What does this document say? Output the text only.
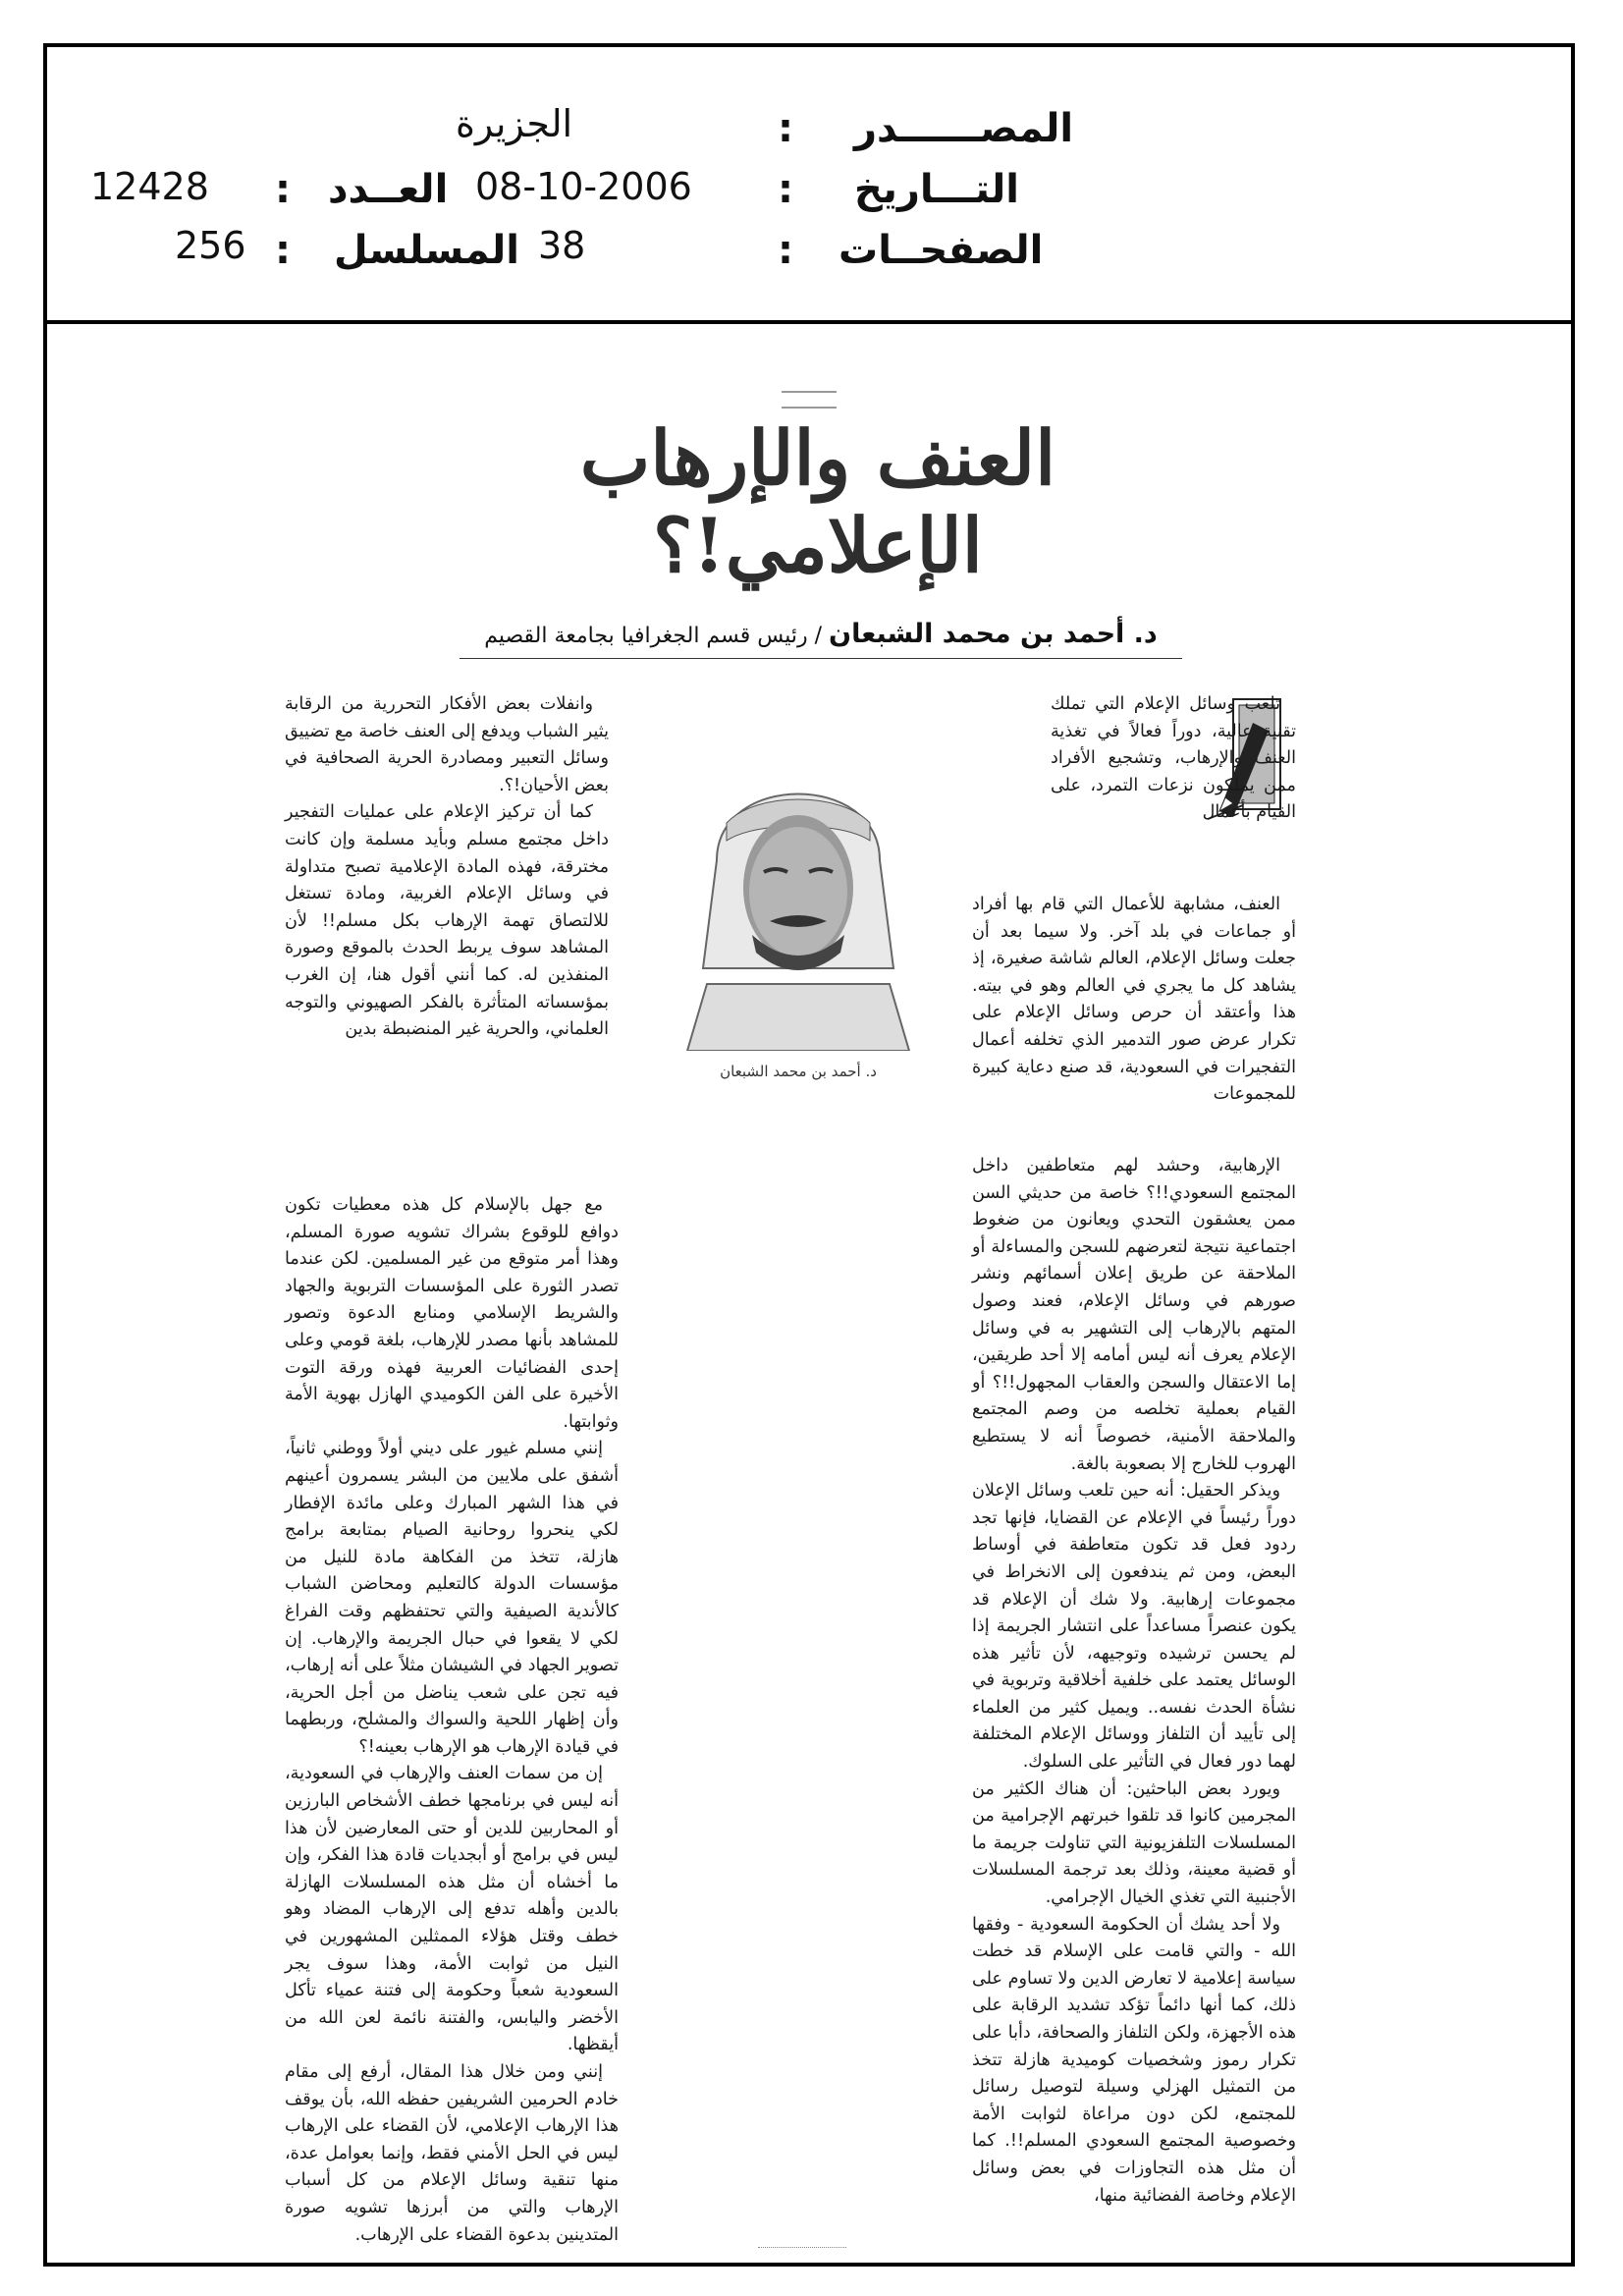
المصــــــدر
:
الجزيرة
التـــاريخ
:
08-10-2006
الصفحــات
:
38
العــدد
:
12428
المسلسل
:
256
العنف والإرهاب الإعلامي!؟
د. أحمد بن محمد الشبعان / رئيس قسم الجغرافيا بجامعة القصيم

تلعب وسائل الإعلام التي تملك تقنية عالية، دوراً فعالاً في تغذية العنف والإرهاب، وتشجيع الأفراد ممن يملكون نزعات التمرد، على القيام بأعمال

العنف، مشابهة للأعمال التي قام بها أفراد أو جماعات في بلد آخر. ولا سيما بعد أن جعلت وسائل الإعلام، العالم شاشة صغيرة، إذ يشاهد كل ما يجري في العالم وهو في بيته. هذا وأعتقد أن حرص وسائل الإعلام على تكرار عرض صور التدمير الذي تخلفه أعمال التفجيرات في السعودية، قد صنع دعاية كبيرة للمجموعات

الإرهابية، وحشد لهم متعاطفين داخل المجتمع السعودي!!؟ خاصة من حديثي السن ممن يعشقون التحدي ويعانون من ضغوط اجتماعية نتيجة لتعرضهم للسجن والمساءلة أو الملاحقة عن طريق إعلان أسمائهم ونشر صورهم في وسائل الإعلام، فعند وصول المتهم بالإرهاب إلى التشهير به في وسائل الإعلام يعرف أنه ليس أمامه إلا أحد طريقين، إما الاعتقال والسجن والعقاب المجهول!!؟ أو القيام بعملية تخلصه من وصم المجتمع والملاحقة الأمنية، خصوصاً أنه لا يستطيع الهروب للخارج إلا بصعوبة بالغة.

ويذكر الحقيل: أنه حين تلعب وسائل الإعلان دوراً رئيساً في الإعلام عن القضايا، فإنها تجد ردود فعل قد تكون متعاطفة في أوساط البعض، ومن ثم يندفعون إلى الانخراط في مجموعات إرهابية. ولا شك أن الإعلام قد يكون عنصراً مساعداً على انتشار الجريمة إذا لم يحسن ترشيده وتوجيهه، لأن تأثير هذه الوسائل يعتمد على خلفية أخلاقية وتربوية في نشأة الحدث نفسه.. ويميل كثير من العلماء إلى تأييد أن التلفاز ووسائل الإعلام المختلفة لهما دور فعال في التأثير على السلوك.

ويورد بعض الباحثين: أن هناك الكثير من المجرمين كانوا قد تلقوا خبرتهم الإجرامية من المسلسلات التلفزيونية التي تناولت جريمة ما أو قضية معينة، وذلك بعد ترجمة المسلسلات الأجنبية التي تغذي الخيال الإجرامي.

ولا أحد يشك أن الحكومة السعودية - وفقها الله - والتي قامت على الإسلام قد خطت سياسة إعلامية لا تعارض الدين ولا تساوم على ذلك، كما أنها دائماً تؤكد تشديد الرقابة على هذه الأجهزة، ولكن التلفاز والصحافة، دأبا على تكرار رموز وشخصيات كوميدية هازلة تتخذ من التمثيل الهزلي وسيلة لتوصيل رسائل للمجتمع، لكن دون مراعاة لثوابت الأمة وخصوصية المجتمع السعودي المسلم!!. كما أن مثل هذه التجاوزات في بعض وسائل الإعلام وخاصة الفضائية منها،

د. أحمد بن محمد الشبعان

وانفلات بعض الأفكار التحررية من الرقابة يثير الشباب ويدفع إلى العنف خاصة مع تضييق وسائل التعبير ومصادرة الحرية الصحافية في بعض الأحيان!؟.

كما أن تركيز الإعلام على عمليات التفجير داخل مجتمع مسلم وبأيد مسلمة وإن كانت مخترقة، فهذه المادة الإعلامية تصبح متداولة في وسائل الإعلام الغربية، ومادة تستغل للالتصاق تهمة الإرهاب بكل مسلم!! لأن المشاهد سوف يربط الحدث بالموقع وصورة المنفذين له. كما أنني أقول هنا، إن الغرب بمؤسساته المتأثرة بالفكر الصهيوني والتوجه العلماني، والحرية غير المنضبطة بدين

مع جهل بالإسلام كل هذه معطيات تكون دوافع للوقوع بشراك تشويه صورة المسلم، وهذا أمر متوقع من غير المسلمين. لكن عندما تصدر الثورة على المؤسسات التربوية والجهاد والشريط الإسلامي ومنابع الدعوة وتصور للمشاهد بأنها مصدر للإرهاب، بلغة قومي وعلى إحدى الفضائيات العربية فهذه ورقة التوت الأخيرة على الفن الكوميدي الهازل بهوية الأمة وثوابتها.

إنني مسلم غيور على ديني أولاً ووطني ثانياً، أشفق على ملايين من البشر يسمرون أعينهم في هذا الشهر المبارك وعلى مائدة الإفطار لكي ينحروا روحانية الصيام بمتابعة برامج هازلة، تتخذ من الفكاهة مادة للنيل من مؤسسات الدولة كالتعليم ومحاضن الشباب كالأندية الصيفية والتي تحتفظهم وقت الفراغ لكي لا يقعوا في حبال الجريمة والإرهاب. إن تصوير الجهاد في الشيشان مثلاً على أنه إرهاب، فيه تجن على شعب يناضل من أجل الحرية، وأن إظهار اللحية والسواك والمشلح، وربطهما في قيادة الإرهاب هو الإرهاب بعينه!؟

إن من سمات العنف والإرهاب في السعودية، أنه ليس في برنامجها خطف الأشخاص البارزين أو المحاربين للدين أو حتى المعارضين لأن هذا ليس في برامج أو أبجديات قادة هذا الفكر، وإن ما أخشاه أن مثل هذه المسلسلات الهازلة بالدين وأهله تدفع إلى الإرهاب المضاد وهو خطف وقتل هؤلاء الممثلين المشهورين في النيل من ثوابت الأمة، وهذا سوف يجر السعودية شعباً وحكومة إلى فتنة عمياء تأكل الأخضر واليابس، والفتنة نائمة لعن الله من أيقظها.

إنني ومن خلال هذا المقال، أرفع إلى مقام خادم الحرمين الشريفين حفظه الله، بأن يوقف هذا الإرهاب الإعلامي، لأن القضاء على الإرهاب ليس في الحل الأمني فقط، وإنما بعوامل عدة، منها تنقية وسائل الإعلام من كل أسباب الإرهاب والتي من أبرزها تشويه صورة المتدينين بدعوة القضاء على الإرهاب.
